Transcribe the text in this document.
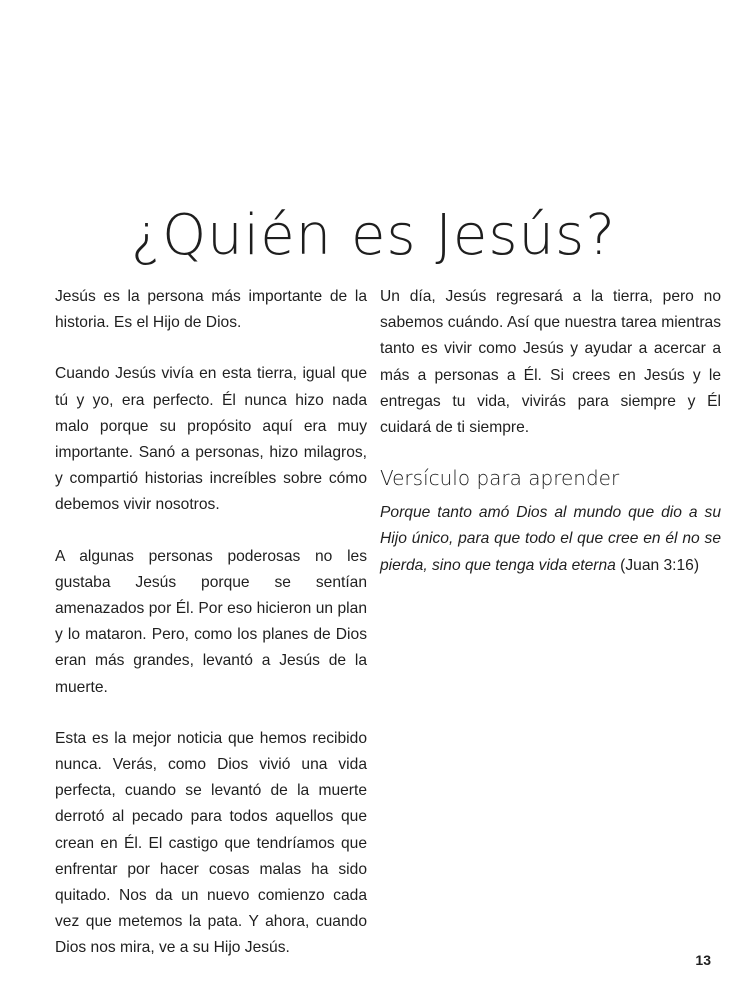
¿Quién es Jesús?

Jesús es la persona más importante de la historia. Es el Hijo de Dios.

Cuando Jesús vivía en esta tierra, igual que tú y yo, era perfecto. Él nunca hizo nada malo porque su propósito aquí era muy importante. Sanó a personas, hizo milagros, y compartió historias increíbles sobre cómo debemos vivir nosotros.

A algunas personas poderosas no les gustaba Jesús porque se sentían amenazados por Él. Por eso hicieron un plan y lo mataron. Pero, como los planes de Dios eran más grandes, levantó a Jesús de la muerte.

Esta es la mejor noticia que hemos recibido nunca. Verás, como Dios vivió una vida perfecta, cuando se levantó de la muerte derrotó al pecado para todos aquellos que crean en Él. El castigo que tendríamos que enfrentar por hacer cosas malas ha sido quitado. Nos da un nuevo comienzo cada vez que metemos la pata. Y ahora, cuando Dios nos mira, ve a su Hijo Jesús.

Un día, Jesús regresará a la tierra, pero no sabemos cuándo. Así que nuestra tarea mientras tanto es vivir como Jesús y ayudar a acercar a más a personas a Él. Si crees en Jesús y le entregas tu vida, vivirás para siempre y Él cuidará de ti siempre.

Versículo para aprender

Porque tanto amó Dios al mundo que dio a su Hijo único, para que todo el que cree en él no se pierda, sino que tenga vida eterna (Juan 3:16)

13
